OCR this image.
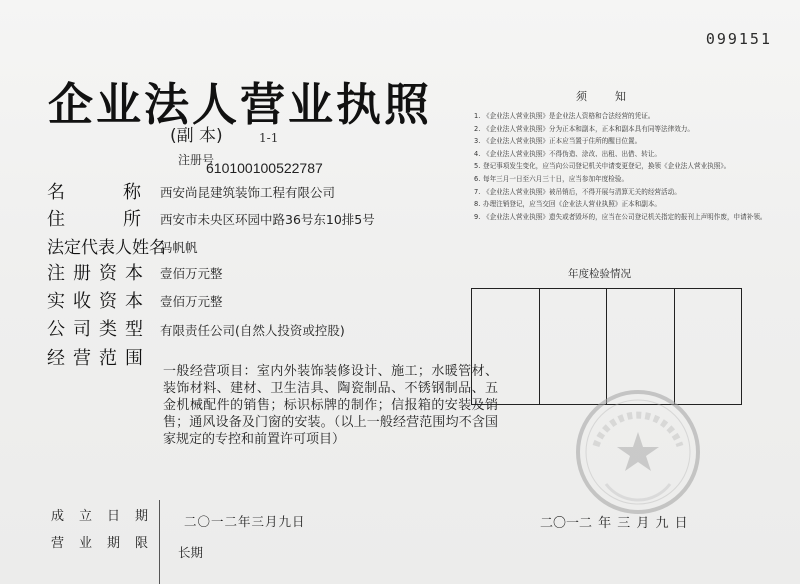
099151
企业法人营业执照
(副 本)	1-1
注册号
610100100522787
名	称 西安尚昆建筑装饰工程有限公司
住	所 西安市未央区环园中路36号东10排5号
法定代表人姓名
冯帆帆
注 册 资 本 壹佰万元整
实 收 资 本 壹佰万元整
公 司 类 型 有限责任公司(自然人投资或控股)
经 营 范 围
一般经营项目：室内外装饰装修设计、施工；水暖管材、装饰材料、建材、卫生洁具、陶瓷制品、不锈钢制品、五金机械配件的销售；标识标牌的制作；信报箱的安装及销售；通风设备及门窗的安装。（以上一般经营范围均不含国家规定的专控和前置许可项目）
须知
1. 《企业法人营业执照》是企业法人资格和合法经营的凭证。
2. 《企业法人营业执照》分为正本和副本，正本和副本具有同等法律效力。
3. 《企业法人营业执照》正本应当置于住所的醒目位置。
4. 《企业法人营业执照》不得伪造、涂改、出租、出借、转让。
5. 登记事项发生变化，应当向公司登记机关申请变更登记，换领《企业法人营业执照》。
6. 每年三月一日至六月三十日，应当参加年度检验。
7. 《企业法人营业执照》被吊销后，不得开展与清算无关的经营活动。
8. 办理注销登记，应当交回《企业法人营业执照》正本和副本。
9. 《企业法人营业执照》遗失或者毁坏的，应当在公司登记机关指定的报刊上声明作废，申请补领。
年度检验情况
成立日期 二〇一二年三月九日
营业期限
长期
二〇一二 年 三 月 九 日
